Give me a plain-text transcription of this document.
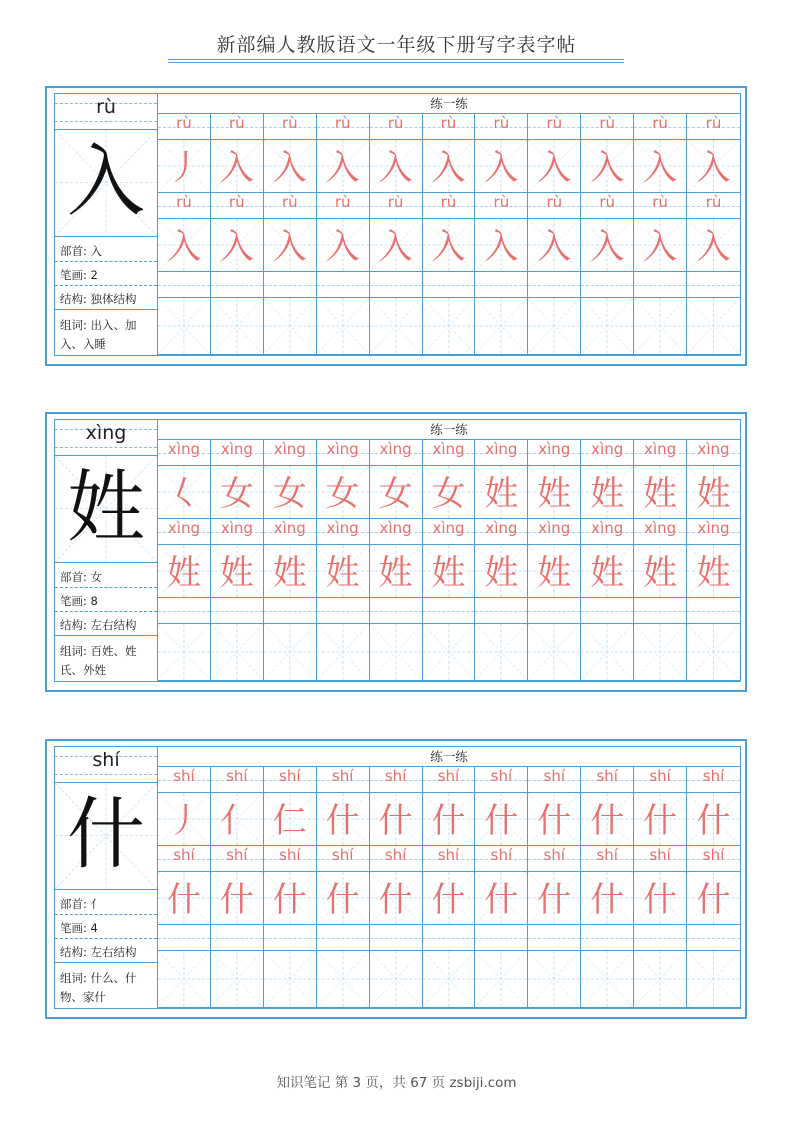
新部编人教版语文一年级下册写字表字帖
rù
入
部首: 入
笔画: 2
结构: 独体结构
组词: 出入、加
入、入睡
练一练
rù	rù	rù	rù	rù	rù	rù	rù	rù	rù	rù
丿 入 入 入 入 入 入 入 入 入 入
rù	rù	rù	rù	rù	rù	rù	rù	rù	rù	rù
入 入 入 入 入 入 入 入 入 入 入
xìng
姓
部首: 女
笔画: 8
结构: 左右结构
组词: 百姓、姓
氏、外姓
练一练
xìng	xìng	xìng	xìng	xìng	xìng	xìng	xìng	xìng	xìng	xìng
𡿨 女 女 女 女 女 姓 姓 姓 姓 姓
xìng	xìng	xìng	xìng	xìng	xìng	xìng	xìng	xìng	xìng	xìng
姓 姓 姓 姓 姓 姓 姓 姓 姓 姓 姓
shí
什
部首: 亻
笔画: 4
结构: 左右结构
组词: 什么、什
物、家什
练一练
shí	shí	shí	shí	shí	shí	shí	shí	shí	shí	shí
丿 亻 仁 什 什 什 什 什 什 什 什
shí	shí	shí	shí	shí	shí	shí	shí	shí	shí	shí
什 什 什 什 什 什 什 什 什 什 什
知识笔记 第 3 页，共 67 页 zsbiji.com
